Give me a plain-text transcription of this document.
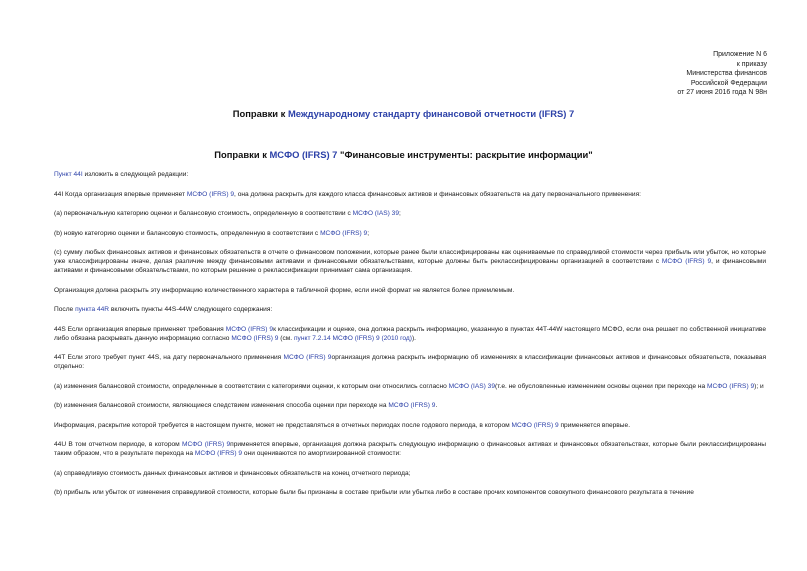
Приложение N 6
к приказу
Министерства финансов
Российской Федерации
от 27 июня 2016 года N 98н
Поправки к Международному стандарту финансовой отчетности (IFRS) 7
Поправки к МСФО (IFRS) 7 "Финансовые инструменты: раскрытие информации"

Пункт 44I изложить в следующей редакции:

44I Когда организация впервые применяет МСФО (IFRS) 9, она должна раскрыть для каждого класса финансовых активов и финансовых обязательств на дату первоначального применения:

(a) первоначальную категорию оценки и балансовую стоимость, определенную в соответствии с МСФО (IAS) 39;

(b) новую категорию оценки и балансовую стоимость, определенную в соответствии с МСФО (IFRS) 9;

(c) сумму любых финансовых активов и финансовых обязательств в отчете о финансовом положении, которые ранее были классифицированы как оцениваемые по справедливой стоимости через прибыль или убыток, но которые уже классифицированы иначе, делая различие между финансовыми активами и финансовыми обязательствами, которые должны быть реклассифицированы организацией в соответствии с МСФО (IFRS) 9, и финансовыми активами и финансовыми обязательствами, по которым решение о реклассификации принимает сама организация.

Организация должна раскрыть эту информацию количественного характера в табличной форме, если иной формат не является более приемлемым.

После пункта 44R включить пункты 44S-44W следующего содержания:

44S Если организация впервые применяет требования МСФО (IFRS) 9к классификации и оценке, она должна раскрыть информацию, указанную в пунктах 44T-44W настоящего МСФО, если она решает по собственной инициативе либо обязана раскрывать данную информацию согласно МСФО (IFRS) 9 (см. пункт 7.2.14 МСФО (IFRS) 9 (2010 год)).

44T Если этого требует пункт 44S, на дату первоначального применения МСФО (IFRS) 9организация должна раскрыть информацию об изменениях в классификации финансовых активов и финансовых обязательств, показывая отдельно:

(a) изменения балансовой стоимости, определенные в соответствии с категориями оценки, к которым они относились согласно МСФО (IAS) 39(т.е. не обусловленные изменением основы оценки при переходе на МСФО (IFRS) 9); и

(b) изменения балансовой стоимости, являющиеся следствием изменения способа оценки при переходе на МСФО (IFRS) 9.

Информация, раскрытие которой требуется в настоящем пункте, может не представляться в отчетных периодах после годового периода, в котором МСФО (IFRS) 9 применяется впервые.

44U В том отчетном периоде, в котором МСФО (IFRS) 9применяется впервые, организация должна раскрыть следующую информацию о финансовых активах и финансовых обязательствах, которые были реклассифицированы таким образом, что в результате перехода на МСФО (IFRS) 9 они оцениваются по амортизированной стоимости:

(a) справедливую стоимость данных финансовых активов и финансовых обязательств на конец отчетного периода;

(b) прибыль или убыток от изменения справедливой стоимости, которые были бы признаны в составе прибыли или убытка либо в составе прочих компонентов совокупного финансового результата в течение
